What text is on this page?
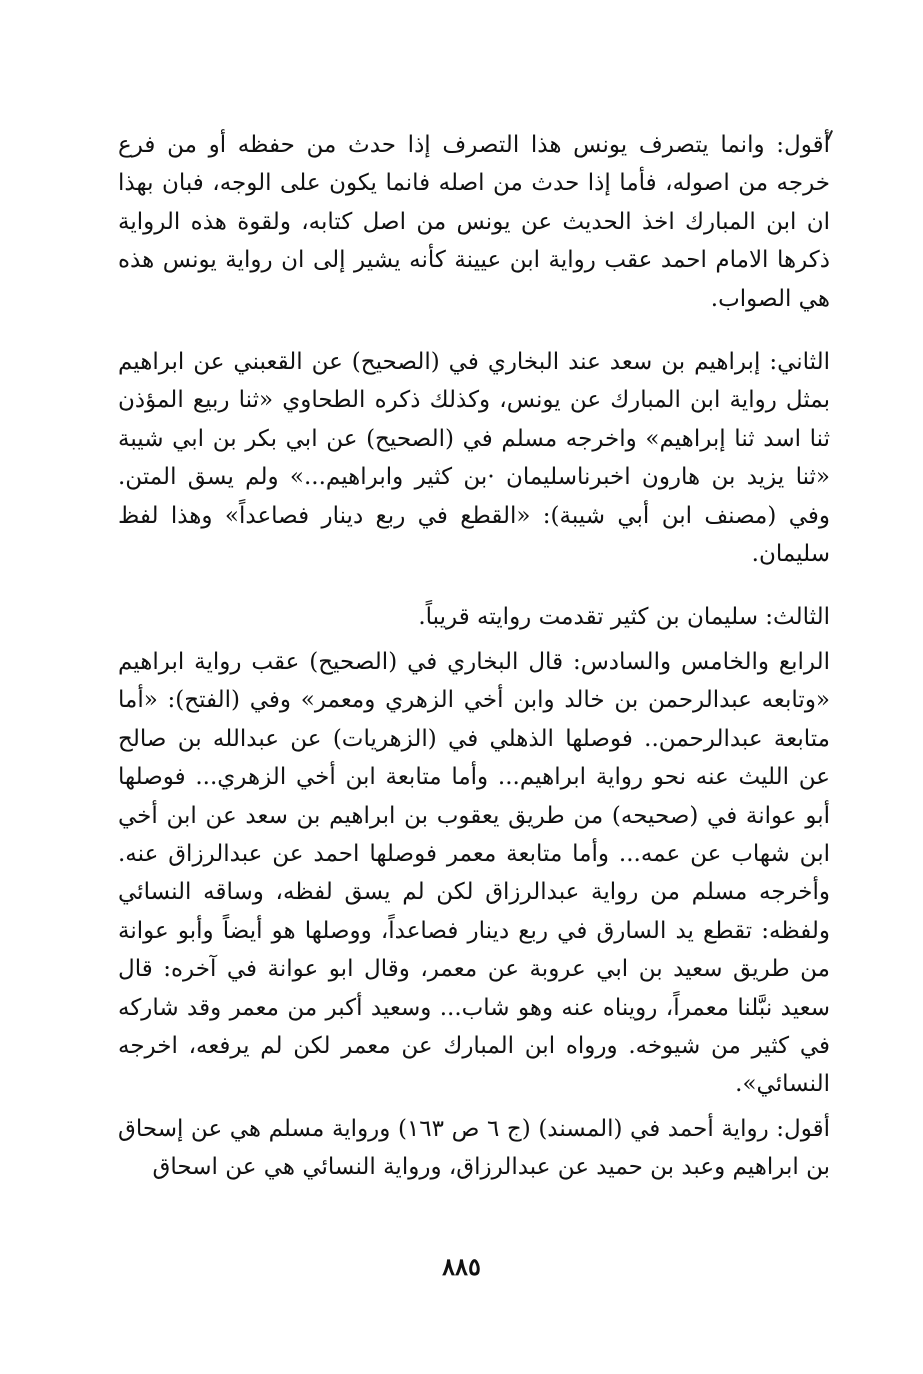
أقول: وانما يتصرف يونس هذا التصرف إذا حدث من حفظه أو من فرع خرجه من اصوله، فأما إذا حدث من اصله فانما يكون على الوجه، فبان بهذا ان ابن المبارك اخذ الحديث عن يونس من اصل كتابه، ولقوة هذه الرواية ذكرها الامام احمد عقب رواية ابن عيينة كأنه يشير إلى ان رواية يونس هذه هي الصواب.

الثاني: إبراهيم بن سعد عند البخاري في (الصحيح) عن القعبني عن ابراهيم بمثل رواية ابن المبارك عن يونس، وكذلك ذكره الطحاوي «ثنا ربيع المؤذن ثنا اسد ثنا إبراهيم» واخرجه مسلم في (الصحيح) عن ابي بكر بن ابي شيبة «ثنا يزيد بن هارون اخبرناسليمان ·بن كثير وابراهيم...» ولم يسق المتن. وفي (مصنف ابن أبي شيبة): «القطع في ربع دينار فصاعداً» وهذا لفظ سليمان.

الثالث: سليمان بن كثير تقدمت روايته قريباً.

الرابع والخامس والسادس: قال البخاري في (الصحيح) عقب رواية ابراهيم «وتابعه عبدالرحمن بن خالد وابن أخي الزهري ومعمر» وفي (الفتح): «أما متابعة عبدالرحمن.. فوصلها الذهلي في (الزهريات) عن عبدالله بن صالح عن الليث عنه نحو رواية ابراهيم... وأما متابعة ابن أخي الزهري... فوصلها أبو عوانة في (صحيحه) من طريق يعقوب بن ابراهيم بن سعد عن ابن أخي ابن شهاب عن عمه... وأما متابعة معمر فوصلها احمد عن عبدالرزاق عنه. وأخرجه مسلم من رواية عبدالرزاق لكن لم يسق لفظه، وساقه النسائي ولفظه: تقطع يد السارق في ربع دينار فصاعداً، ووصلها هو أيضاً وأبو عوانة من طريق سعيد بن ابي عروبة عن معمر، وقال ابو عوانة في آخره: قال سعيد نبَّلنا معمراً، رويناه عنه وهو شاب... وسعيد أكبر من معمر وقد شاركه في كثير من شيوخه. ورواه ابن المبارك عن معمر لكن لم يرفعه، اخرجه النسائي».

أقول: رواية أحمد في (المسند) (ج ٦ ص ١٦٣) ورواية مسلم هي عن إسحاق بن ابراهيم وعبد بن حميد عن عبدالرزاق، ورواية النسائي هي عن اسحاق

٨٨٥
